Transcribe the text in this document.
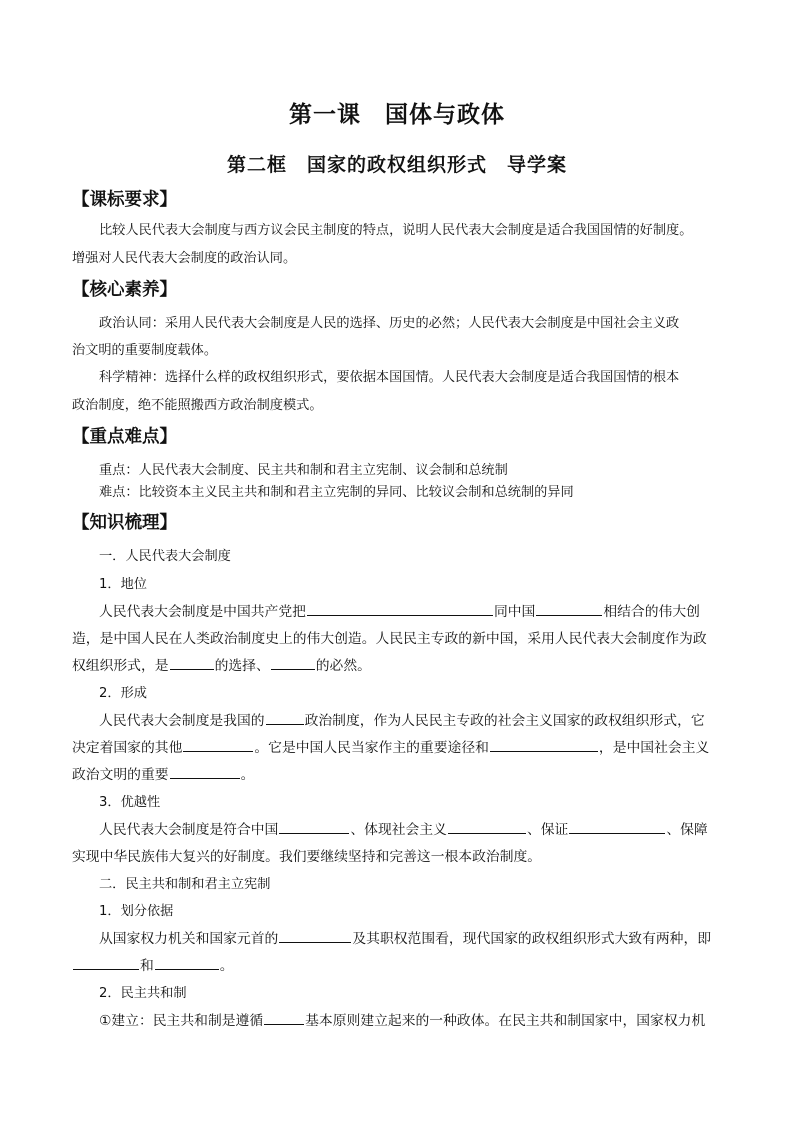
第一课　国体与政体
第二框　国家的政权组织形式　导学案
【课标要求】
比较人民代表大会制度与西方议会民主制度的特点，说明人民代表大会制度是适合我国国情的好制度。
增强对人民代表大会制度的政治认同。
【核心素养】
政治认同：采用人民代表大会制度是人民的选择、历史的必然；人民代表大会制度是中国社会主义政
治文明的重要制度载体。
科学精神：选择什么样的政权组织形式，要依据本国国情。人民代表大会制度是适合我国国情的根本
政治制度，绝不能照搬西方政治制度模式。
【重点难点】
重点：人民代表大会制度、民主共和制和君主立宪制、议会制和总统制
难点：比较资本主义民主共和制和君主立宪制的异同、比较议会制和总统制的异同
【知识梳理】
一．人民代表大会制度
1．地位
人民代表大会制度是中国共产党把	同中国	相结合的伟大创
造，是中国人民在人类政治制度史上的伟大创造。人民民主专政的新中国，采用人民代表大会制度作为政
权组织形式，是	的选择、	的必然。
2．形成
人民代表大会制度是我国的	政治制度，作为人民民主专政的社会主义国家的政权组织形式，它
决定着国家的其他	。它是中国人民当家作主的重要途径和	，是中国社会主义
政治文明的重要	。
3．优越性
人民代表大会制度是符合中国	、体现社会主义	、保证	、保障
实现中华民族伟大复兴的好制度。我们要继续坚持和完善这一根本政治制度。
二．民主共和制和君主立宪制
1．划分依据
从国家权力机关和国家元首的	及其职权范围看，现代国家的政权组织形式大致有两种，即
和	。
2．民主共和制
①建立：民主共和制是遵循	基本原则建立起来的一种政体。在民主共和制国家中，国家权力机
